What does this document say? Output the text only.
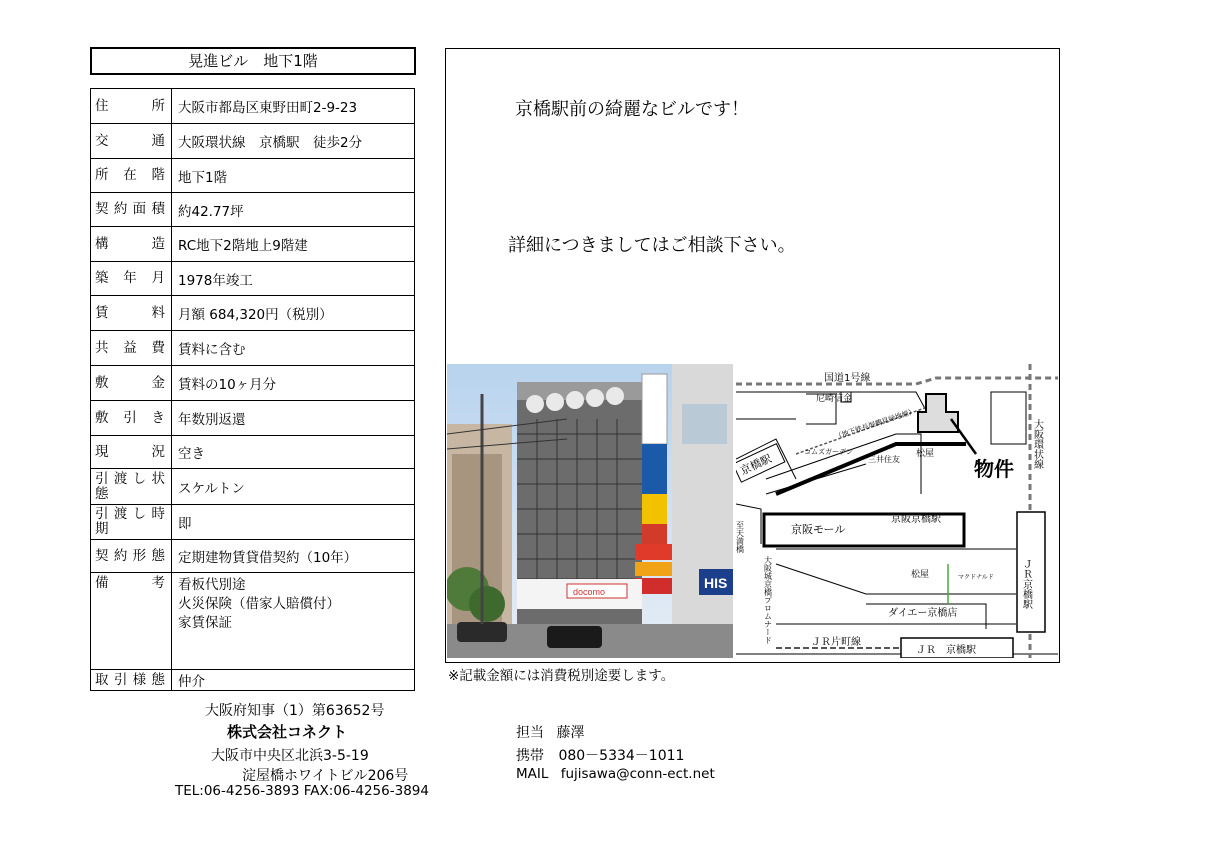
晃進ビル　地下1階
住　　所	大阪市都島区東野田町2-9-23
交　　通	大阪環状線　京橋駅　徒歩2分
所在階	地下1階
契約面積	約42.77坪
構　　造	RC地下2階地上9階建
築年月	1978年竣工
賃　　料	月額 684,320円（税別）
共益費	賃料に含む
敷　　金	賃料の10ヶ月分
敷引き	年数別返還
現　　況	空き
引渡し状態	スケルトン
引渡し時期	即
契約形態	定期建物賃貸借契約（10年）
備　　考	看板代別途
火災保険（借家人賠償付）
家賃保証

取引様態	仲介
京橋駅前の綺麗なビルです！
詳細につきましてはご相談下さい。
HIS
docomo
国道1号線
（地下鉄長堀鶴見緑地線）
物件
尼崎信金
京橋駅	コムズガーデン
三井住友
松屋	大阪環状線
京阪モール
京阪京橋駅
至天満橋
大阪城京橋プロムナード	松屋	マクドナルド
ダイエー京橋店
ＪＲ片町線
ＪＲ　京橋駅
ＪＲ京橋駅
※記載金額には消費税別途要します。
大阪府知事（1）第63652号
株式会社コネクト
大阪市中央区北浜3-5-19
淀屋橋ホワイトビル206号
TEL:06-4256-3893 FAX:06-4256-3894
担当 藤澤
携帯 080－5334－1011
MAIL fujisawa@conn-ect.net
